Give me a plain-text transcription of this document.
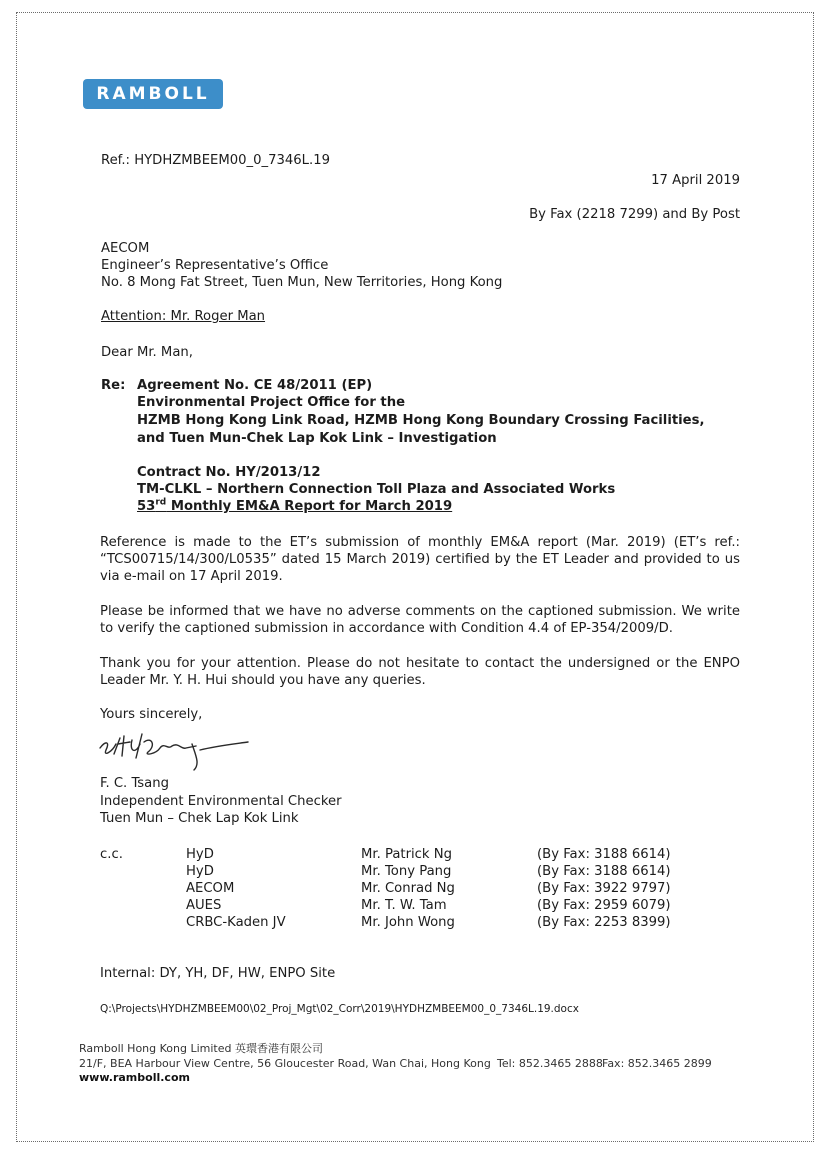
RAMBOLL
Ref.: HYDHZMBEEM00_0_7346L.19
17 April 2019
By Fax (2218 7299) and By Post
AECOM
Engineer’s Representative’s Office
No. 8 Mong Fat Street, Tuen Mun, New Territories, Hong Kong
Attention: Mr. Roger Man
Dear Mr. Man,
Re: Agreement No. CE 48/2011 (EP)
Environmental Project Office for the
HZMB Hong Kong Link Road, HZMB Hong Kong Boundary Crossing Facilities,
and Tuen Mun-Chek Lap Kok Link – Investigation
Contract No. HY/2013/12
TM-CLKL – Northern Connection Toll Plaza and Associated Works
53rd Monthly EM&A Report for March 2019
Reference is made to the ET’s submission of monthly EM&A report (Mar. 2019) (ET’s ref.: “TCS00715/14/300/L0535” dated 15 March 2019) certified by the ET Leader and provided to us via e-mail on 17 April 2019.
Please be informed that we have no adverse comments on the captioned submission. We write to verify the captioned submission in accordance with Condition 4.4 of EP-354/2009/D.
Thank you for your attention. Please do not hesitate to contact the undersigned or the ENPO Leader Mr. Y. H. Hui should you have any queries.
Yours sincerely,
F. C. Tsang
Independent Environmental Checker
Tuen Mun – Chek Lap Kok Link
c.c.	HyD	Mr. Patrick Ng	(By Fax: 3188 6614)
HyD	Mr. Tony Pang	(By Fax: 3188 6614)
AECOM	Mr. Conrad Ng	(By Fax: 3922 9797)
AUES	Mr. T. W. Tam	(By Fax: 2959 6079)
CRBC-Kaden JV	Mr. John Wong	(By Fax: 2253 8399)
Internal: DY, YH, DF, HW, ENPO Site
Q:\Projects\HYDHZMBEEM00\02_Proj_Mgt\02_Corr\2019\HYDHZMBEEM00_0_7346L.19.docx
Ramboll Hong Kong Limited 英環香港有限公司
21/F, BEA Harbour View Centre, 56 Gloucester Road, Wan Chai, Hong Kong Tel: 852.3465 2888 Fax: 852.3465 2899
www.ramboll.com
